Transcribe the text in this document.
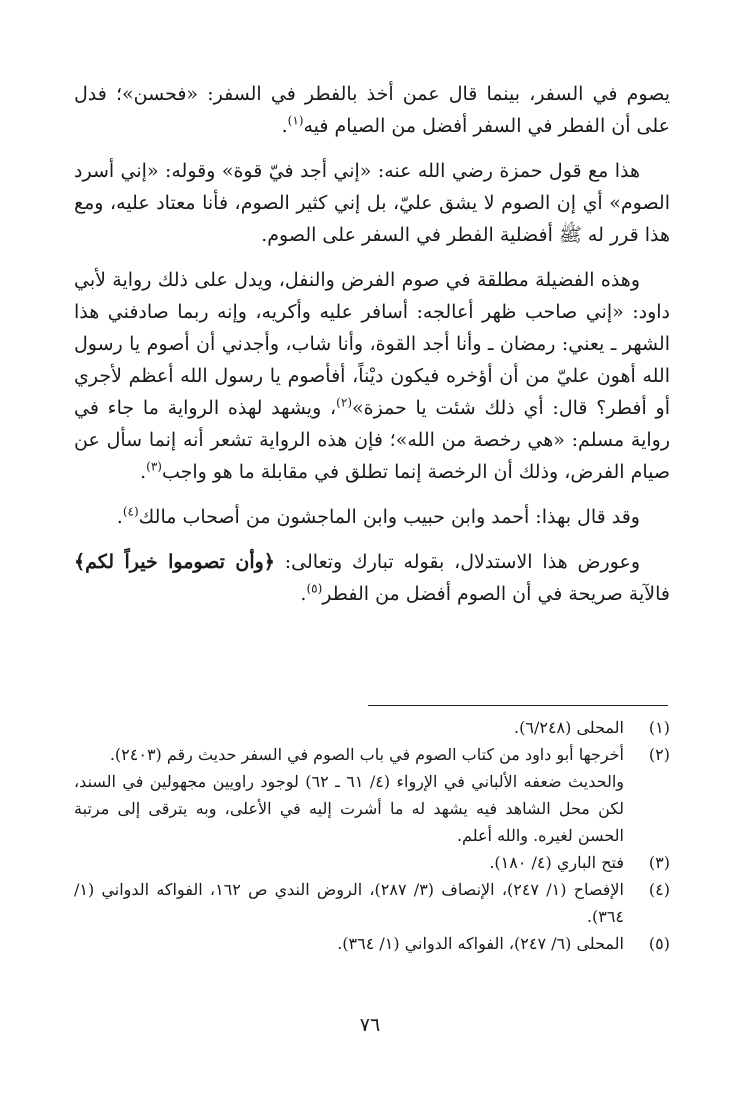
يصوم في السفر، بينما قال عمن أخذ بالفطر في السفر: «فحسن»؛ فدل على أن الفطر في السفر أفضل من الصيام فيه$^{(١)}$.

هذا مع قول حمزة رضي الله عنه: «إني أجد فيّ قوة» وقوله: «إني أسرد الصوم» أي إن الصوم لا يشق عليّ، بل إني كثير الصوم، فأنا معتاد عليه، ومع هذا قرر له ﷺ أفضلية الفطر في السفر على الصوم.

وهذه الفضيلة مطلقة في صوم الفرض والنفل، ويدل على ذلك رواية لأبي داود: «إني صاحب ظهر أعالجه: أسافر عليه وأكريه، وإنه ربما صادفني هذا الشهر ـ يعني: رمضان ـ وأنا أجد القوة، وأنا شاب، وأجدني أن أصوم يا رسول الله أهون عليّ من أن أؤخره فيكون ديْناً، أفأصوم يا رسول الله أعظم لأجري أو أفطر؟ قال: أي ذلك شئت يا حمزة»$^{(٢)}$، ويشهد لهذه الرواية ما جاء في رواية مسلم: «هي رخصة من الله»؛ فإن هذه الرواية تشعر أنه إنما سأل عن صيام الفرض، وذلك أن الرخصة إنما تطلق في مقابلة ما هو واجب$^{(٣)}$.

وقد قال بهذا: أحمد وابن حبيب وابن الماجشون من أصحاب مالك$^{(٤)}$.

وعورض هذا الاستدلال، بقوله تبارك وتعالى: ﴿وأن تصوموا خيراً لكم﴾ فالآية صريحة في أن الصوم أفضل من الفطر$^{(٥)}$.

(١)
المحلى (٦/٢٤٨).
(٢)
أخرجها أبو داود من كتاب الصوم في باب الصوم في السفر حديث رقم (٢٤٠٣).
والحديث ضعفه الألباني في الإرواء (٤/ ٦١ ـ ٦٢) لوجود راويين مجهولين في السند، لكن محل الشاهد فيه يشهد له ما أشرت إليه في الأعلى، وبه يترقى إلى مرتبة الحسن لغيره. والله أعلم.
(٣)
فتح الباري (٤/ ١٨٠).
(٤)
الإفصاح (١/ ٢٤٧)، الإنصاف (٣/ ٢٨٧)، الروض الندي ص ١٦٢، الفواكه الدواني (١/ ٣٦٤).
(٥)
المحلى (٦/ ٢٤٧)، الفواكه الدواني (١/ ٣٦٤).
٧٦
